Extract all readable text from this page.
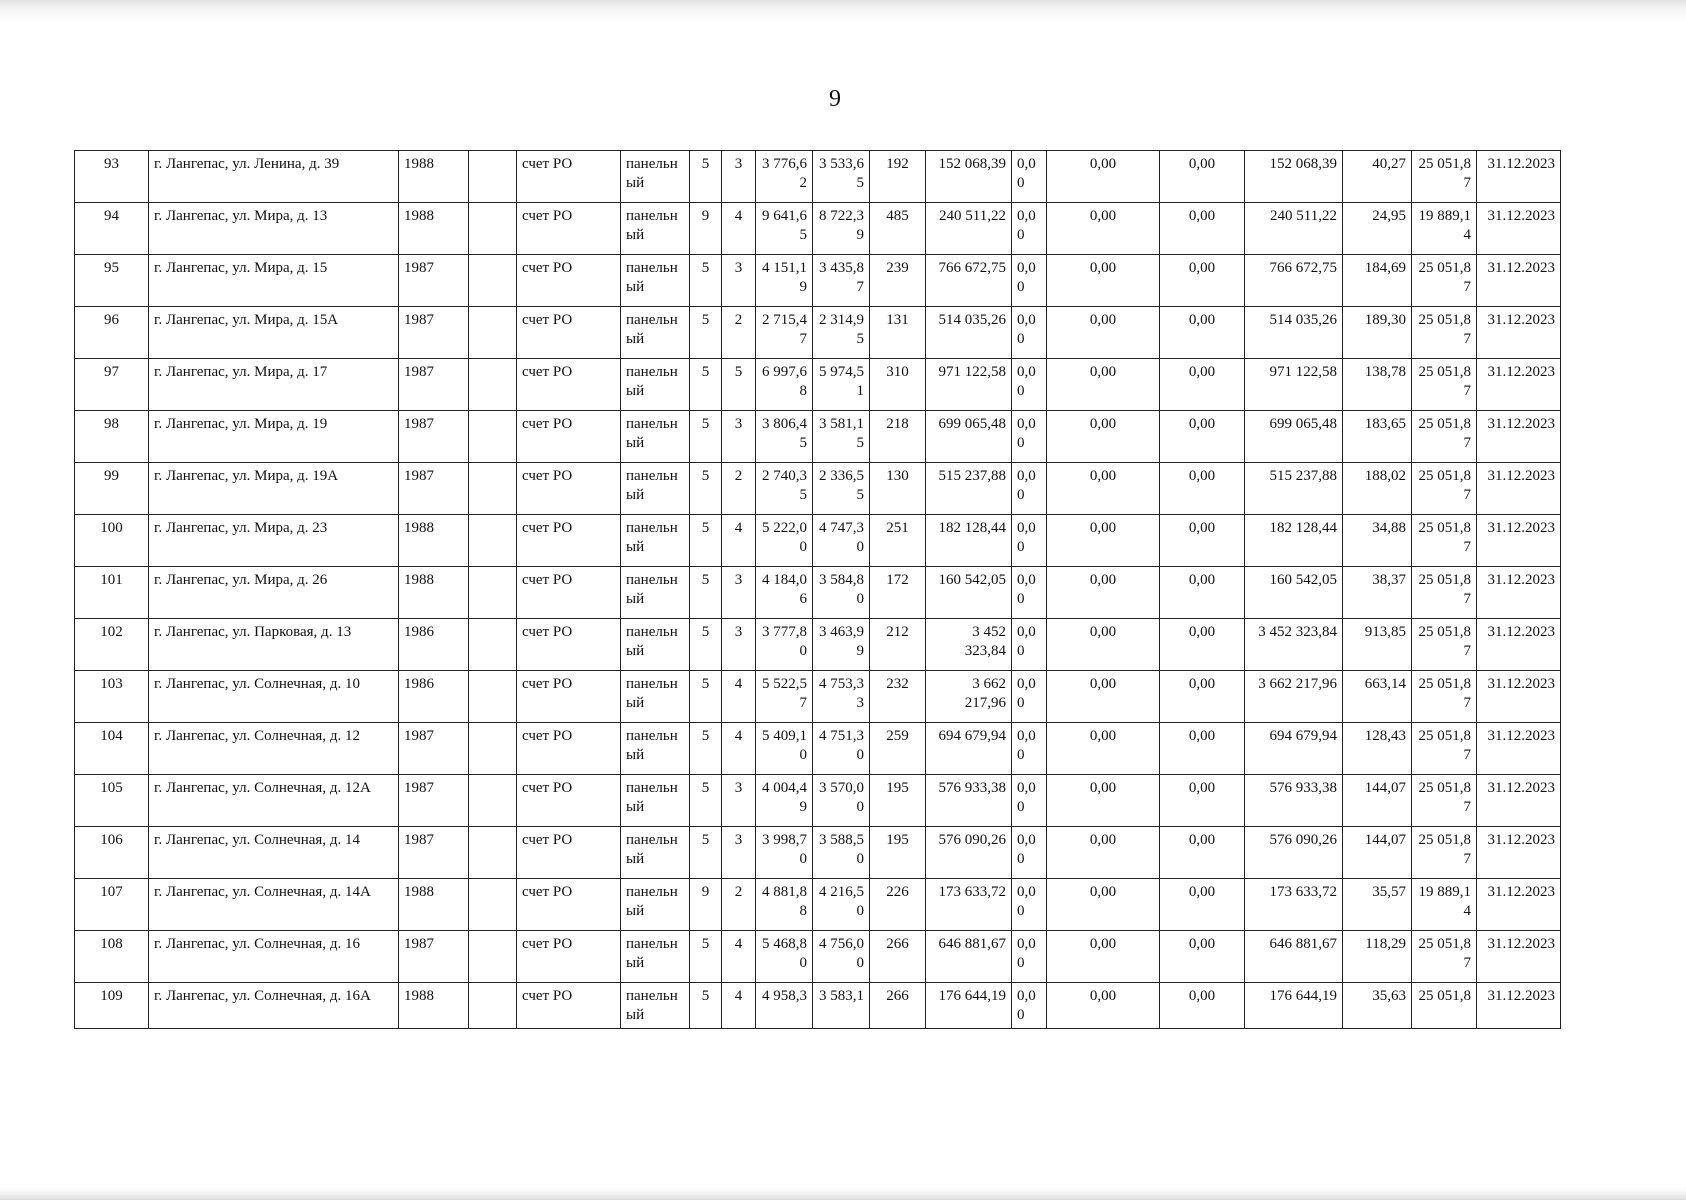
9
93	г. Лангепас, ул. Ленина, д. 39	1988		счет РО	панельный	5	3	3 776,62	3 533,65	192	152 068,39	0,00	0,00	0,00	152 068,39	40,27	25 051,87	31.12.2023
94	г. Лангепас, ул. Мира, д. 13	1988		счет РО	панельный	9	4	9 641,65	8 722,39	485	240 511,22	0,00	0,00	0,00	240 511,22	24,95	19 889,14	31.12.2023
95	г. Лангепас, ул. Мира, д. 15	1987		счет РО	панельный	5	3	4 151,19	3 435,87	239	766 672,75	0,00	0,00	0,00	766 672,75	184,69	25 051,87	31.12.2023
96	г. Лангепас, ул. Мира, д. 15А	1987		счет РО	панельный	5	2	2 715,47	2 314,95	131	514 035,26	0,00	0,00	0,00	514 035,26	189,30	25 051,87	31.12.2023
97	г. Лангепас, ул. Мира, д. 17	1987		счет РО	панельный	5	5	6 997,68	5 974,51	310	971 122,58	0,00	0,00	0,00	971 122,58	138,78	25 051,87	31.12.2023
98	г. Лангепас, ул. Мира, д. 19	1987		счет РО	панельный	5	3	3 806,45	3 581,15	218	699 065,48	0,00	0,00	0,00	699 065,48	183,65	25 051,87	31.12.2023
99	г. Лангепас, ул. Мира, д. 19А	1987		счет РО	панельный	5	2	2 740,35	2 336,55	130	515 237,88	0,00	0,00	0,00	515 237,88	188,02	25 051,87	31.12.2023
100	г. Лангепас, ул. Мира, д. 23	1988		счет РО	панельный	5	4	5 222,00	4 747,30	251	182 128,44	0,00	0,00	0,00	182 128,44	34,88	25 051,87	31.12.2023
101	г. Лангепас, ул. Мира, д. 26	1988		счет РО	панельный	5	3	4 184,06	3 584,80	172	160 542,05	0,00	0,00	0,00	160 542,05	38,37	25 051,87	31.12.2023
102	г. Лангепас, ул. Парковая, д. 13	1986		счет РО	панельный	5	3	3 777,80	3 463,99	212	3 452 323,84	0,00	0,00	0,00	3 452 323,84	913,85	25 051,87	31.12.2023
103	г. Лангепас, ул. Солнечная, д. 10	1986		счет РО	панельный	5	4	5 522,57	4 753,33	232	3 662 217,96	0,00	0,00	0,00	3 662 217,96	663,14	25 051,87	31.12.2023
104	г. Лангепас, ул. Солнечная, д. 12	1987		счет РО	панельный	5	4	5 409,10	4 751,30	259	694 679,94	0,00	0,00	0,00	694 679,94	128,43	25 051,87	31.12.2023
105	г. Лангепас, ул. Солнечная, д. 12А	1987		счет РО	панельный	5	3	4 004,49	3 570,00	195	576 933,38	0,00	0,00	0,00	576 933,38	144,07	25 051,87	31.12.2023
106	г. Лангепас, ул. Солнечная, д. 14	1987		счет РО	панельный	5	3	3 998,70	3 588,50	195	576 090,26	0,00	0,00	0,00	576 090,26	144,07	25 051,87	31.12.2023
107	г. Лангепас, ул. Солнечная, д. 14А	1988		счет РО	панельный	9	2	4 881,88	4 216,50	226	173 633,72	0,00	0,00	0,00	173 633,72	35,57	19 889,14	31.12.2023
108	г. Лангепас, ул. Солнечная, д. 16	1987		счет РО	панельный	5	4	5 468,80	4 756,00	266	646 881,67	0,00	0,00	0,00	646 881,67	118,29	25 051,87	31.12.2023
109	г. Лангепас, ул. Солнечная, д. 16А	1988		счет РО	панельный	5	4	4 958,3	3 583,1	266	176 644,19	0,00	0,00	0,00	176 644,19	35,63	25 051,8	31.12.2023
